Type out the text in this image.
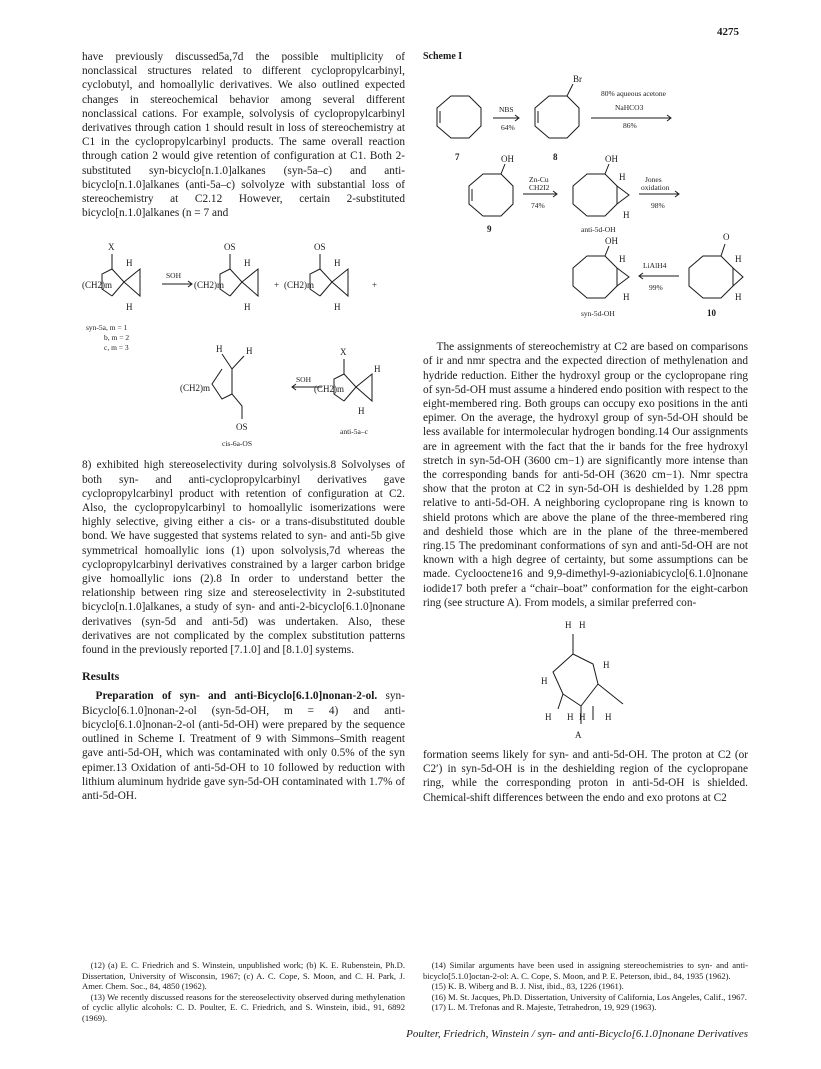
4275

have previously discussed5a,7d the possible multiplicity of nonclassical structures related to different cyclopropylcarbinyl, cyclobutyl, and homoallylic derivatives. We also outlined expected changes in stereochemical behavior among several different nonclassical cations. For example, solvolysis of cyclopropylcarbinyl derivatives through cation 1 should result in loss of stereochemistry at C1 in the cyclopropylcarbinyl products. The same overall reaction through cation 2 would give retention of configuration at C1. Both 2-substituted syn-bicyclo[n.1.0]alkanes (syn-5a–c) and anti-bicyclo[n.1.0]alkanes (anti-5a–c) solvolyze with substantial loss of stereochemistry at C2.12 However, certain 2-substituted bicyclo[n.1.0]alkanes (n = 7 and

X
H
(CH2)m
H
SOH
OS
H
(CH2)m
H
+
OS
H
(CH2)m
H
+
syn-5a, m = 1
b, m = 2
c, m = 3	H	H
(CH2)m
OS
cis-6a-OS
SOH
X
H
(CH2)m
H
anti-5a–c

8) exhibited high stereoselectivity during solvolysis.8 Solvolyses of both syn- and anti-cyclopropylcarbinyl derivatives gave cyclopropylcarbinyl product with retention of configuration at C2. Also, the cyclopropylcarbinyl to homoallylic isomerizations were highly selective, giving either a cis- or a trans-disubstituted double bond. We have suggested that systems related to syn- and anti-5b give symmetrical homoallylic ions (1) upon solvolysis,7d whereas the cyclopropylcarbinyl derivatives constrained by a larger carbon bridge give homoallylic ions (2).8 In order to understand better the relationship between ring size and stereoselectivity in 2-substituted bicyclo[n.1.0]alkanes, a study of syn- and anti-2-bicyclo[6.1.0]nonane derivatives (syn-5d and anti-5d) was undertaken. Also, these derivatives are not complicated by the complex substitution patterns found in the previously reported [7.1.0] and [8.1.0] systems.

Results

Preparation of syn- and anti-Bicyclo[6.1.0]nonan-2-ol. syn-Bicyclo[6.1.0]nonan-2-ol (syn-5d-OH, m = 4) and anti-bicyclo[6.1.0]nonan-2-ol (anti-5d-OH) were prepared by the sequence outlined in Scheme I. Treatment of 9 with Simmons–Smith reagent gave anti-5d-OH, which was contaminated with only 0.5% of the syn epimer.13 Oxidation of anti-5d-OH to 10 followed by reduction with lithium aluminum hydride gave syn-5d-OH contaminated with 1.7% of anti-5d-OH.

Scheme I
Br
NBS
64%
7	8
80% aqueous acetone
NaHCO3
86%
OH
9
Zn-Cu
CH2I2
74%
OH
H
H
anti-5d-OH
Jones
oxidation
98%
OH
H
H
syn-5d-OH
LiAlH4
99%
O
H
H
10

The assignments of stereochemistry at C2 are based on comparisons of ir and nmr spectra and the expected direction of methylenation and hydride reduction. Either the hydroxyl group or the cyclopropane ring of syn-5d-OH must assume a hindered endo position with respect to the eight-membered ring. Both groups can occupy exo positions in the anti epimer. On the average, the hydroxyl group of syn-5d-OH should be less available for intermolecular hydrogen bonding.14 Our assignments are in agreement with the fact that the ir bands for the free hydroxyl stretch in syn-5d-OH (3600 cm−1) are significantly more intense than the corresponding bands for anti-5d-OH (3620 cm−1). Nmr spectra show that the proton at C2 in syn-5d-OH is deshielded by 1.28 ppm relative to anti-5d-OH. A neighboring cyclopropane ring is known to shield protons which are above the plane of the three-membered ring and deshield those which are in the plane of the three-membered ring.15 The predominant conformations of syn and anti-5d-OH are not known with a high degree of certainty, but some assumptions can be made. Cyclooctene16 and 9,9-dimethyl-9-azioniabicyclo[6.1.0]nonane iodide17 both prefer a “chair–boat” conformation for the eight-carbon ring (see structure A). From models, a similar preferred con-

H H
H
H
H H H H
A

formation seems likely for syn- and anti-5d-OH. The proton at C2 (or C2′) in syn-5d-OH is in the deshielding region of the cyclopropane ring, while the corresponding proton in anti-5d-OH is shielded. Chemical-shift differences between the endo and exo protons at C2

(12) (a) E. C. Friedrich and S. Winstein, unpublished work; (b) K. E. Rubenstein, Ph.D. Dissertation, University of Wisconsin, 1967; (c) A. C. Cope, S. Moon, and C. H. Park, J. Amer. Chem. Soc., 84, 4850 (1962).

(13) We recently discussed reasons for the stereoselectivity observed during methylenation of cyclic allylic alcohols: C. D. Poulter, E. C. Friedrich, and S. Winstein, ibid., 91, 6892 (1969).

(14) Similar arguments have been used in assigning stereochemistries to syn- and anti-bicyclo[5.1.0]octan-2-ol: A. C. Cope, S. Moon, and P. E. Peterson, ibid., 84, 1935 (1962).

(15) K. B. Wiberg and B. J. Nist, ibid., 83, 1226 (1961).

(16) M. St. Jacques, Ph.D. Dissertation, University of California, Los Angeles, Calif., 1967.

(17) L. M. Trefonas and R. Majeste, Tetrahedron, 19, 929 (1963).

Poulter, Friedrich, Winstein / syn- and anti-Bicyclo[6.1.0]nonane Derivatives
